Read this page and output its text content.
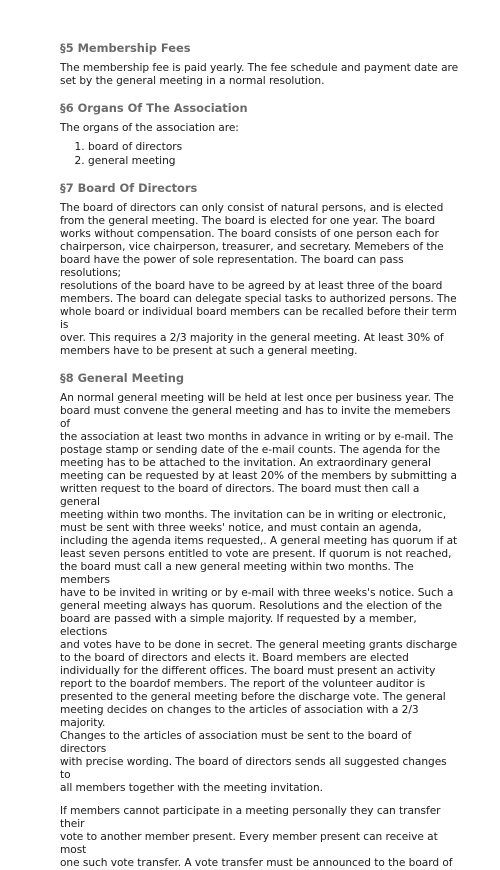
§5 Membership Fees

The membership fee is paid yearly. The fee schedule and payment date are
set by the general meeting in a normal resolution.

§6 Organs Of The Association

The organs of the association are:

1. board of directors
2. general meeting
§7 Board Of Directors

The board of directors can only consist of natural persons, and is elected
from the general meeting. The board is elected for one year. The board
works without compensation. The board consists of one person each for
chairperson, vice chairperson, treasurer, and secretary. Memebers of the
board have the power of sole representation. The board can pass resolutions;
resolutions of the board have to be agreed by at least three of the board
members. The board can delegate special tasks to authorized persons. The
whole board or individual board members can be recalled before their term is
over. This requires a 2/3 majority in the general meeting. At least 30% of
members have to be present at such a general meeting.

§8 General Meeting

An normal general meeting will be held at lest once per business year. The
board must convene the general meeting and has to invite the memebers of
the association at least two months in advance in writing or by e-mail. The
postage stamp or sending date of the e-mail counts. The agenda for the
meeting has to be attached to the invitation. An extraordinary general
meeting can be requested by at least 20% of the members by submitting a
written request to the board of directors. The board must then call a general
meeting within two months. The invitation can be in writing or electronic,
must be sent with three weeks' notice, and must contain an agenda,
including the agenda items requested,. A general meeting has quorum if at
least seven persons entitled to vote are present. If quorum is not reached,
the board must call a new general meeting within two months. The members
have to be invited in writing or by e-mail with three weeks's notice. Such a
general meeting always has quorum. Resolutions and the election of the
board are passed with a simple majority. If requested by a member, elections
and votes have to be done in secret. The general meeting grants discharge
to the board of directors and elects it. Board members are elected
individually for the different offices. The board must present an activity
report to the boardof members. The report of the volunteer auditor is
presented to the general meeting before the discharge vote. The general
meeting decides on changes to the articles of association with a 2/3 majority.
Changes to the articles of association must be sent to the board of directors
with precise wording. The board of directors sends all suggested changes to
all members together with the meeting invitation.

If members cannot participate in a meeting personally they can transfer their
vote to another member present. Every member present can receive at most
one such vote transfer. A vote transfer must be announced to the board of
